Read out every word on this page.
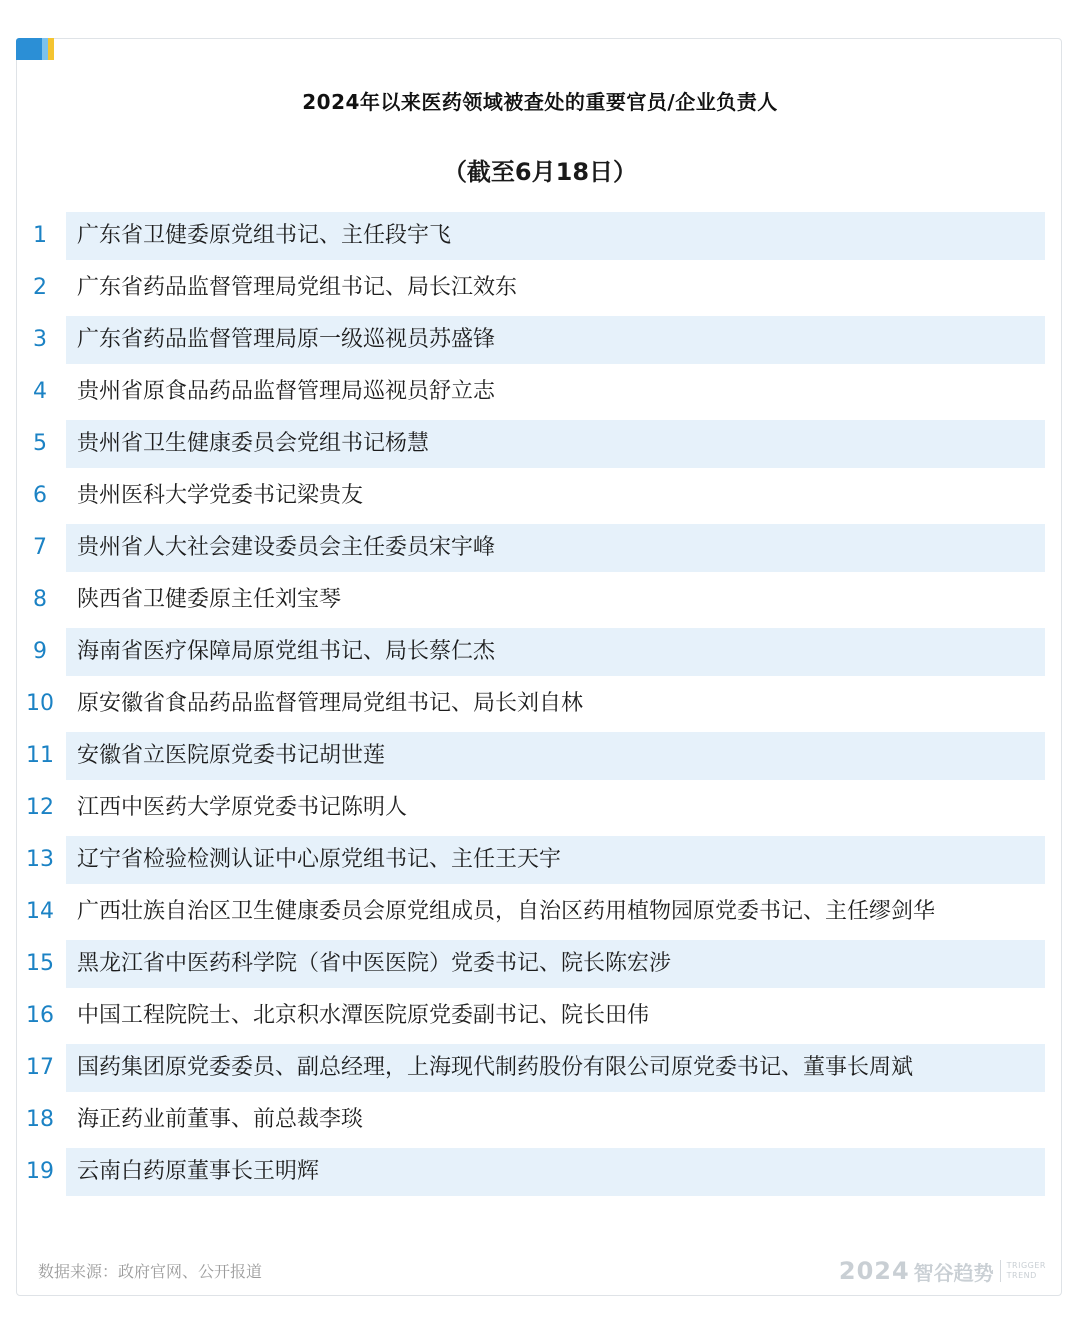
2024年以来医药领域被查处的重要官员/企业负责人
（截至6月18日）
1	广东省卫健委原党组书记、主任段宇飞
2	广东省药品监督管理局党组书记、局长江效东
3	广东省药品监督管理局原一级巡视员苏盛锋
4	贵州省原食品药品监督管理局巡视员舒立志
5	贵州省卫生健康委员会党组书记杨慧
6	贵州医科大学党委书记梁贵友
7	贵州省人大社会建设委员会主任委员宋宇峰
8	陕西省卫健委原主任刘宝琴
9	海南省医疗保障局原党组书记、局长蔡仁杰
10	原安徽省食品药品监督管理局党组书记、局长刘自林
11	安徽省立医院原党委书记胡世莲
12	江西中医药大学原党委书记陈明人
13	辽宁省检验检测认证中心原党组书记、主任王天宇
14	广西壮族自治区卫生健康委员会原党组成员，自治区药用植物园原党委书记、主任缪剑华
15	黑龙江省中医药科学院（省中医医院）党委书记、院长陈宏涉
16	中国工程院院士、北京积水潭医院原党委副书记、院长田伟
17	国药集团原党委委员、副总经理，上海现代制药股份有限公司原党委书记、董事长周斌
18	海正药业前董事、前总裁李琰
19	云南白药原董事长王明辉
数据来源：政府官网、公开报道	2024 智谷趋势 TRIGGER
TREND
